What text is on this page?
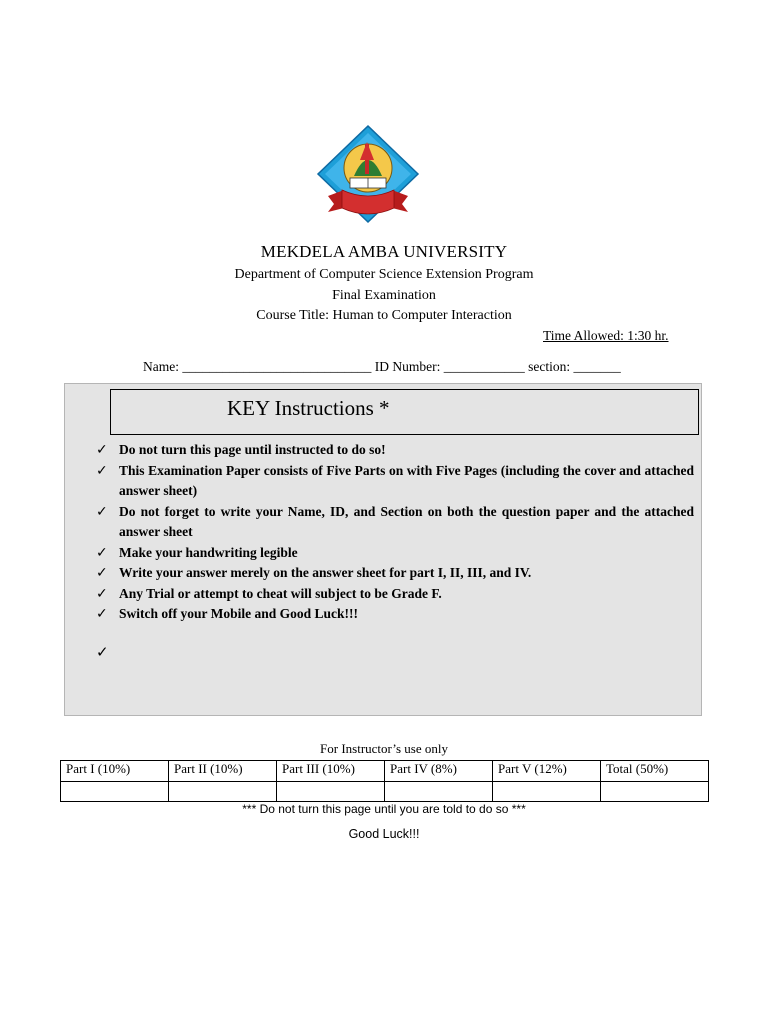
MEKDELA AMBA UNIVERSITY
Department of Computer Science Extension Program
Final Examination
Course Title: Human to Computer Interaction
Time Allowed: 1:30 hr.
Name: ____________________________ ID Number: ____________ section: _______
KEY Instructions *
✓ Do not turn this page until instructed to do so!
✓ This Examination Paper consists of Five Parts on with Five Pages (including the cover and attached answer sheet)
✓ Do not forget to write your Name, ID, and Section on both the question paper and the attached answer sheet
✓ Make your handwriting legible
✓ Write your answer merely on the answer sheet for part I, II, III, and IV.
✓ Any Trial or attempt to cheat will subject to be Grade F.
✓ Switch off your Mobile and Good Luck!!!
✓
For Instructor’s use only
Part I (10%)	Part II (10%)	Part III (10%)	Part IV (8%)	Part V (12%)	Total (50%)

*** Do not turn this page until you are told to do so ***
Good Luck!!!
